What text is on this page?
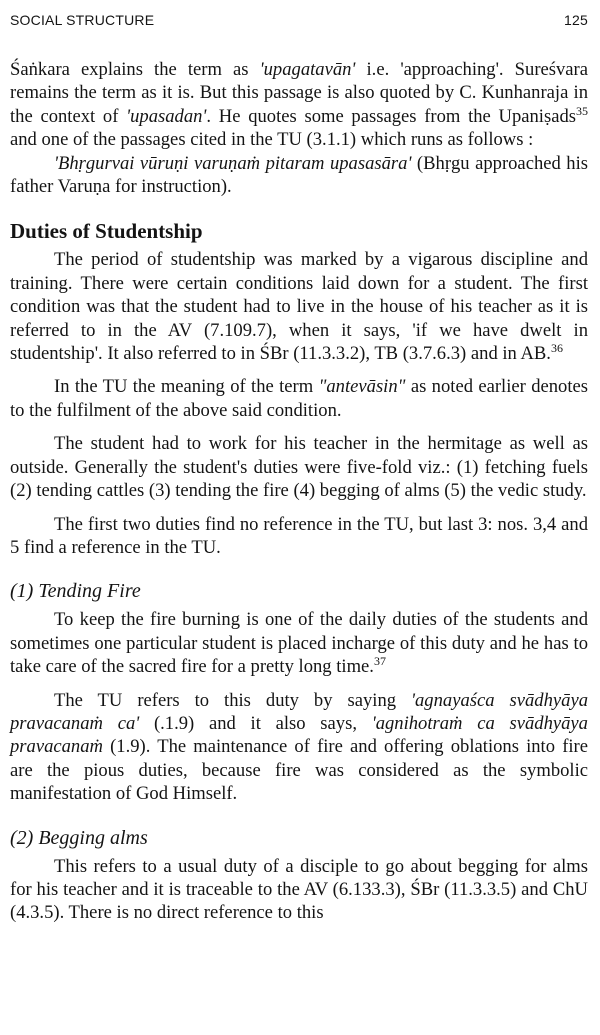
SOCIAL STRUCTURE	125

Śaṅkara explains the term as 'upagatavān' i.e. 'approaching'. Sureśvara remains the term as it is. But this passage is also quoted by C. Kunhanraja in the context of 'upasadan'. He quotes some passages from the Upaniṣads$^{35}$ and one of the passages cited in the TU (3.1.1) which runs as follows :

'Bhṛgurvai vūruṇi varuṇaṁ pitaram upasasāra' (Bhṛgu approached his father Varuṇa for instruction).

Duties of Studentship

The period of studentship was marked by a vigarous discipline and training. There were certain conditions laid down for a student. The first condition was that the student had to live in the house of his teacher as it is referred to in the AV (7.109.7), when it says, 'if we have dwelt in studentship'. It also referred to in ŚBr (11.3.3.2), TB (3.7.6.3) and in AB.$^{36}$

In the TU the meaning of the term "antevāsin" as noted earlier denotes to the fulfilment of the above said condition.

The student had to work for his teacher in the hermitage as well as outside. Generally the student's duties were five-fold viz.: (1) fetching fuels (2) tending cattles (3) tending the fire (4) begging of alms (5) the vedic study.

The first two duties find no reference in the TU, but last 3: nos. 3,4 and 5 find a reference in the TU.

(1) Tending Fire

To keep the fire burning is one of the daily duties of the students and sometimes one particular student is placed incharge of this duty and he has to take care of the sacred fire for a pretty long time.$^{37}$

The TU refers to this duty by saying 'agnayaśca svādhyāya pravacanaṁ ca' (.1.9) and it also says, 'agnihotraṁ ca svādhyāya pravacanaṁ (1.9). The maintenance of fire and offering oblations into fire are the pious duties, because fire was considered as the symbolic manifestation of God Himself.

(2) Begging alms

This refers to a usual duty of a disciple to go about begging for alms for his teacher and it is traceable to the AV (6.133.3), ŚBr (11.3.3.5) and ChU (4.3.5). There is no direct reference to this
